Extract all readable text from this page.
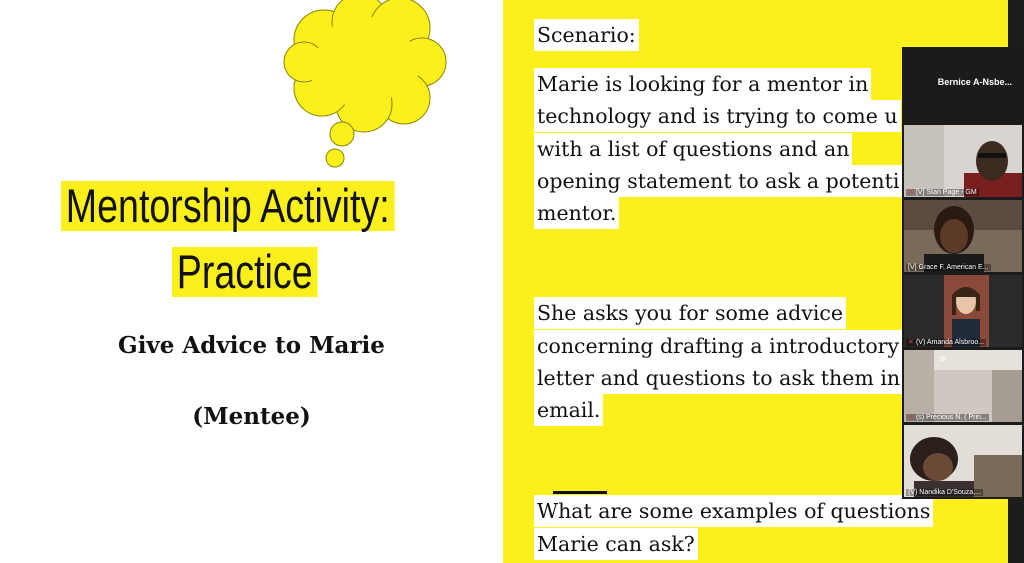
Mentorship Activity:
Practice
Give Advice to Marie
(Mentee)
Scenario:
Marie is looking for a mentor in
technology and is trying to come u
with a list of questions and an
opening statement to ask a potenti
mentor.
She asks you for some advice
concerning drafting a introductory
letter and questions to ask them in
email.
What are some examples of questions
Marie can ask?
Bernice A-Nsbe...
✕ [V] Stan Page - GM
[V] Grace F, American E...
✕ (V) Amanda Alsbroo...
✕ (s) Precious N. ( Prin...
(V) Nandika D'Souza,...
